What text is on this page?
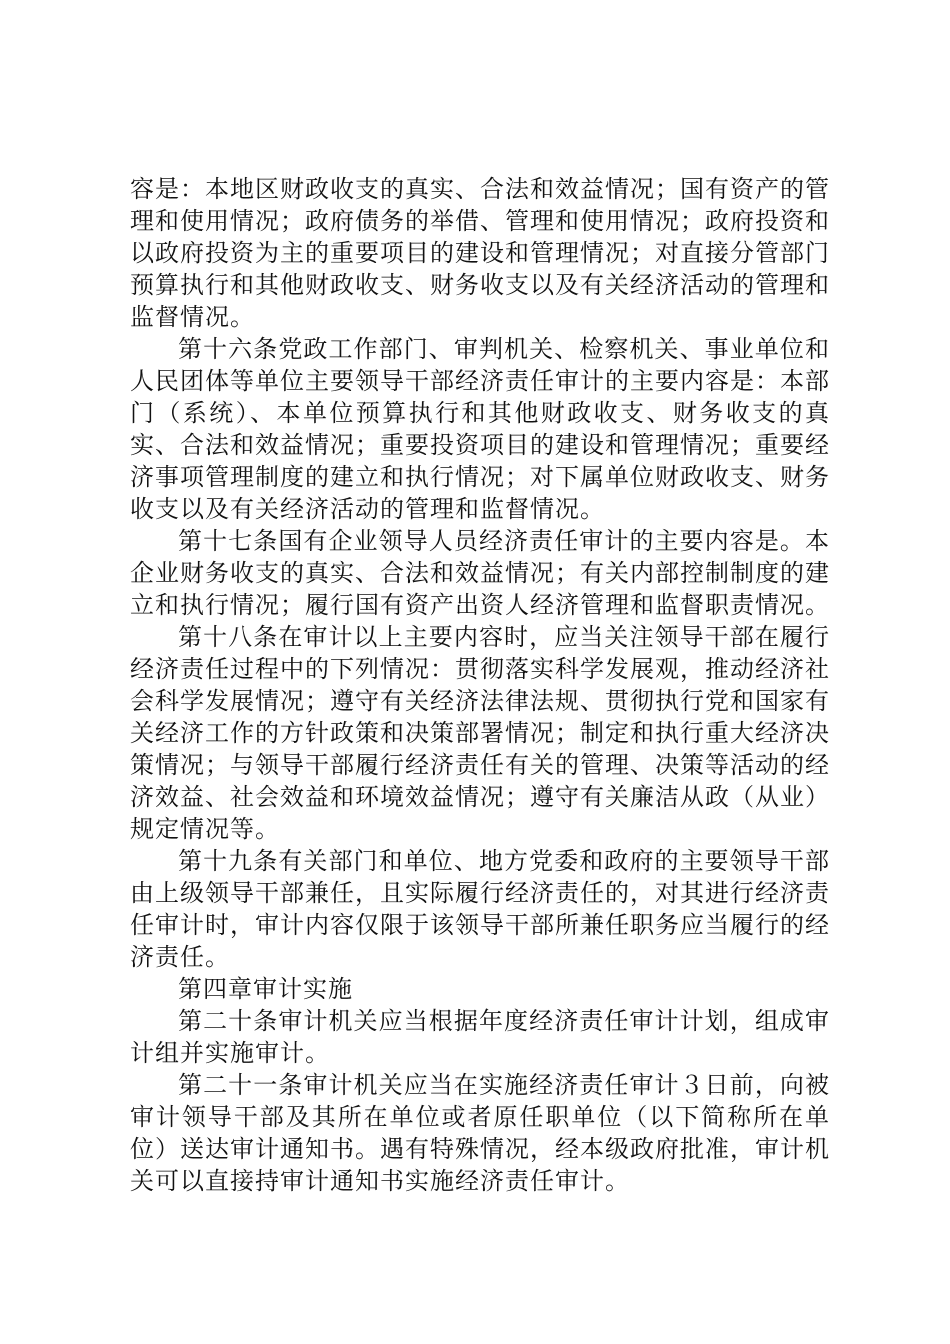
容是：本地区财政收支的真实、合法和效益情况；国有资产的管理和使用情况；政府债务的举借、管理和使用情况；政府投资和以政府投资为主的重要项目的建设和管理情况；对直接分管部门预算执行和其他财政收支、财务收支以及有关经济活动的管理和监督情况。

第十六条党政工作部门、审判机关、检察机关、事业单位和人民团体等单位主要领导干部经济责任审计的主要内容是：本部门（系统）、本单位预算执行和其他财政收支、财务收支的真实、合法和效益情况；重要投资项目的建设和管理情况；重要经济事项管理制度的建立和执行情况；对下属单位财政收支、财务收支以及有关经济活动的管理和监督情况。

第十七条国有企业领导人员经济责任审计的主要内容是。本企业财务收支的真实、合法和效益情况；有关内部控制制度的建立和执行情况；履行国有资产出资人经济管理和监督职责情况。

第十八条在审计以上主要内容时，应当关注领导干部在履行经济责任过程中的下列情况：贯彻落实科学发展观，推动经济社会科学发展情况；遵守有关经济法律法规、贯彻执行党和国家有关经济工作的方针政策和决策部署情况；制定和执行重大经济决策情况；与领导干部履行经济责任有关的管理、决策等活动的经济效益、社会效益和环境效益情况；遵守有关廉洁从政（从业）规定情况等。

第十九条有关部门和单位、地方党委和政府的主要领导干部由上级领导干部兼任，且实际履行经济责任的，对其进行经济责任审计时，审计内容仅限于该领导干部所兼任职务应当履行的经济责任。

第四章审计实施

第二十条审计机关应当根据年度经济责任审计计划，组成审计组并实施审计。

第二十一条审计机关应当在实施经济责任审计３日前，向被审计领导干部及其所在单位或者原任职单位（以下简称所在单位）送达审计通知书。遇有特殊情况，经本级政府批准，审计机关可以直接持审计通知书实施经济责任审计。
